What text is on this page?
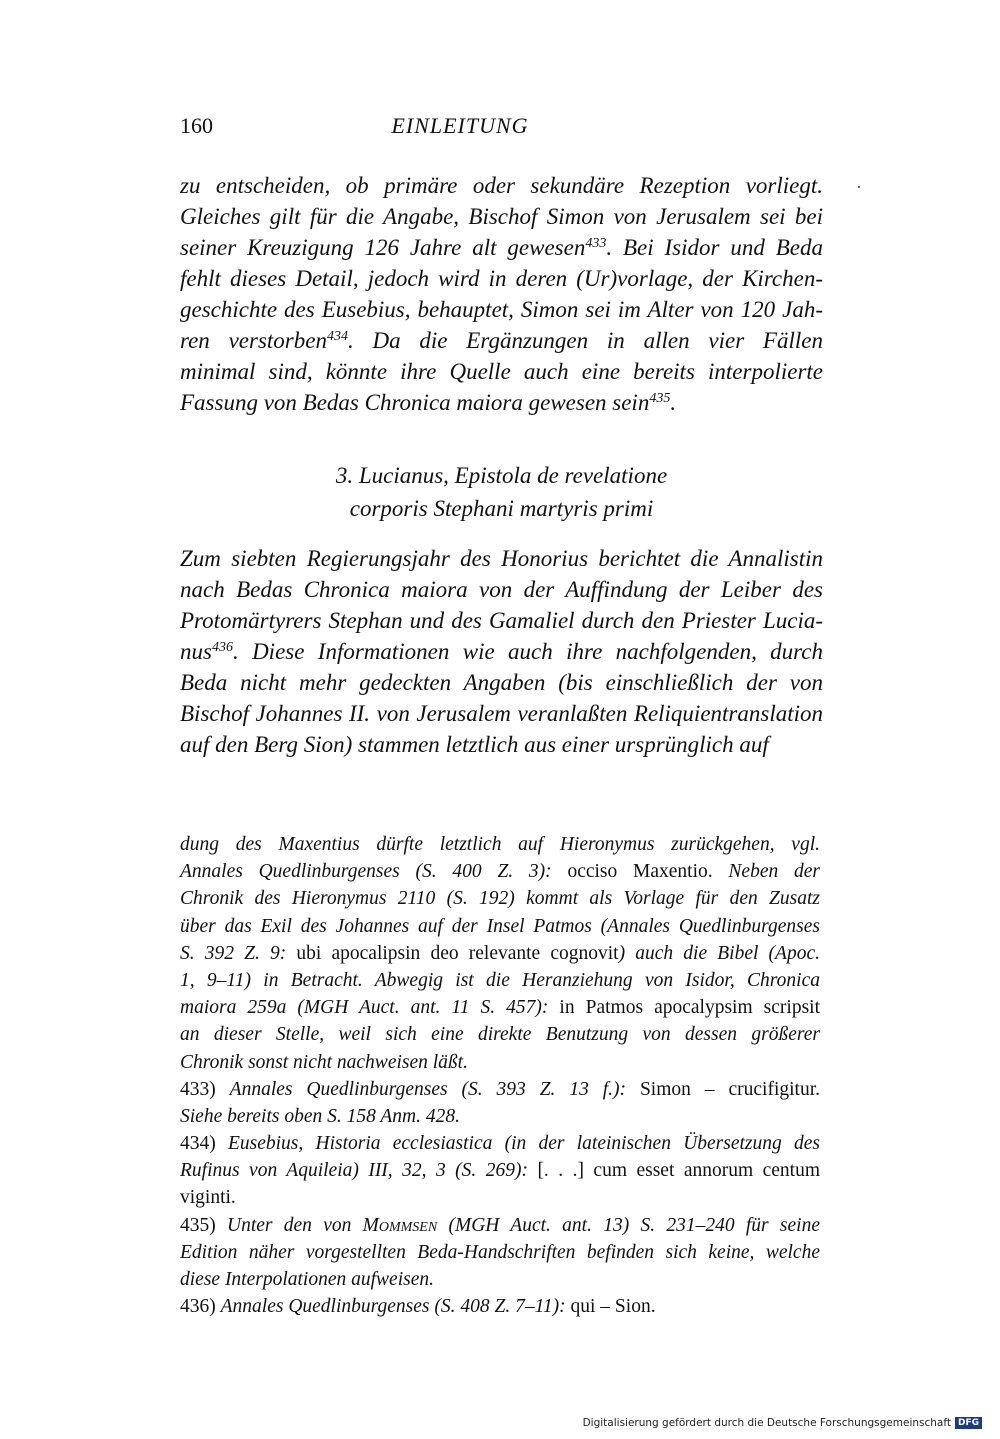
160	EINLEITUNG
zu entscheiden, ob primäre oder sekundäre Rezeption vorliegt.
Gleiches gilt für die Angabe, Bischof Simon von Jerusalem sei bei
seiner Kreuzigung 126 Jahre alt gewesen$^{433}$. Bei Isidor und Beda
fehlt dieses Detail, jedoch wird in deren (Ur)vorlage, der Kirchen-
geschichte des Eusebius, behauptet, Simon sei im Alter von 120 Jah-
ren verstorben$^{434}$. Da die Ergänzungen in allen vier Fällen
minimal sind, könnte ihre Quelle auch eine bereits interpolierte
Fassung von Bedas Chronica maiora gewesen sein$^{435}$.
3. Lucianus, Epistola de revelatione
corporis Stephani martyris primi
Zum siebten Regierungsjahr des Honorius berichtet die Annalistin
nach Bedas Chronica maiora von der Auffindung der Leiber des
Protomärtyrers Stephan und des Gamaliel durch den Priester Lucia-
nus$^{436}$. Diese Informationen wie auch ihre nachfolgenden, durch
Beda nicht mehr gedeckten Angaben (bis einschließlich der von
Bischof Johannes II. von Jerusalem veranlaßten Reliquientranslation
auf den Berg Sion) stammen letztlich aus einer ursprünglich auf
dung des Maxentius dürfte letztlich auf Hieronymus zurückgehen, vgl.
Annales Quedlinburgenses (S. 400 Z. 3): occiso Maxentio. Neben der
Chronik des Hieronymus 2110 (S. 192) kommt als Vorlage für den Zusatz
über das Exil des Johannes auf der Insel Patmos (Annales Quedlinburgenses
S. 392 Z. 9: ubi apocalipsin deo relevante cognovit) auch die Bibel (Apoc.
1, 9–11) in Betracht. Abwegig ist die Heranziehung von Isidor, Chronica
maiora 259a (MGH Auct. ant. 11 S. 457): in Patmos apocalypsim scripsit
an dieser Stelle, weil sich eine direkte Benutzung von dessen größerer
Chronik sonst nicht nachweisen läßt.
433) Annales Quedlinburgenses (S. 393 Z. 13 f.): Simon – crucifigitur.
Siehe bereits oben S. 158 Anm. 428.
434) Eusebius, Historia ecclesiastica (in der lateinischen Übersetzung des
Rufinus von Aquileia) III, 32, 3 (S. 269): [. . .] cum esset annorum centum
viginti.
435) Unter den von Mommsen (MGH Auct. ant. 13) S. 231–240 für seine
Edition näher vorgestellten Beda-Handschriften befinden sich keine, welche
diese Interpolationen aufweisen.
436) Annales Quedlinburgenses (S. 408 Z. 7–11): qui – Sion.
Digitalisierung gefördert durch die Deutsche Forschungsgemeinschaft DFG
